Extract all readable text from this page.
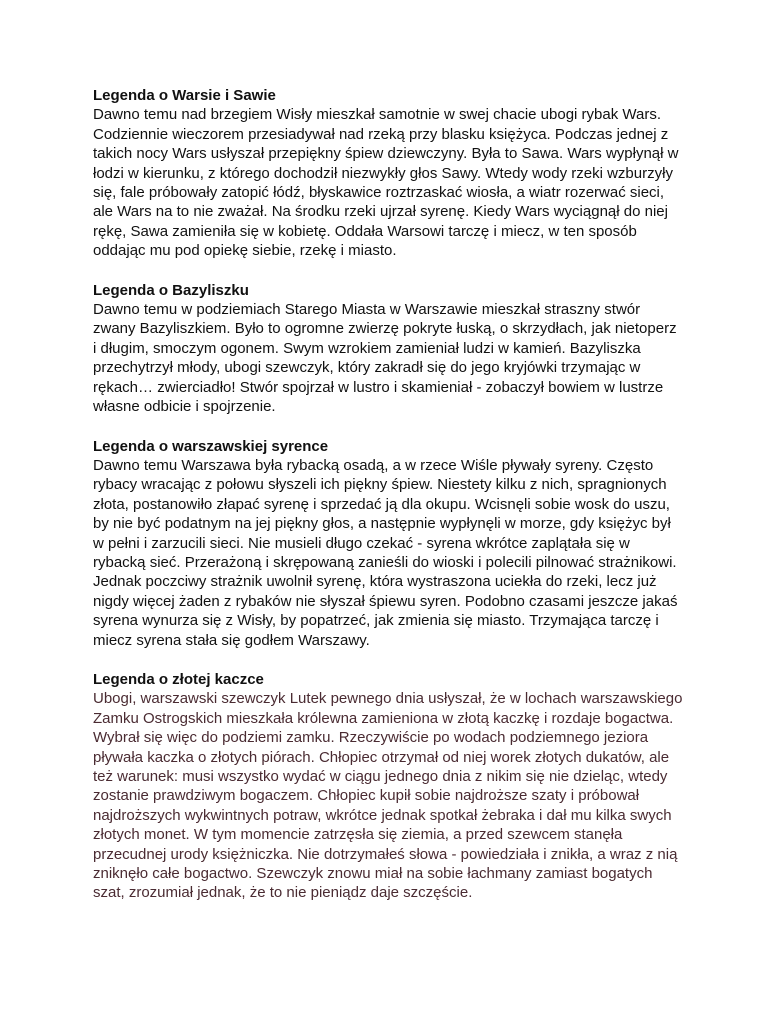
Legenda o Warsie i Sawie

Dawno temu nad brzegiem Wisły mieszkał samotnie w swej chacie ubogi rybak Wars. Codziennie wieczorem przesiadywał nad rzeką przy blasku księżyca. Podczas jednej z takich nocy Wars usłyszał przepiękny śpiew dziewczyny. Była to Sawa. Wars wypłynął w łodzi w kierunku, z którego dochodził niezwykły głos Sawy. Wtedy wody rzeki wzburzyły się, fale próbowały zatopić łódź, błyskawice roztrzaskać wiosła, a wiatr rozerwać sieci, ale Wars na to nie zważał. Na środku rzeki ujrzał syrenę. Kiedy Wars wyciągnął do niej rękę, Sawa zamieniła się w kobietę. Oddała Warsowi tarczę i miecz, w ten sposób oddając mu pod opiekę siebie, rzekę i miasto.

Legenda o Bazyliszku

Dawno temu w podziemiach Starego Miasta w Warszawie mieszkał straszny stwór zwany Bazyliszkiem. Było to ogromne zwierzę pokryte łuską, o skrzydłach, jak nietoperz i długim, smoczym ogonem. Swym wzrokiem zamieniał ludzi w kamień. Bazyliszka przechytrzył młody, ubogi szewczyk, który zakradł się do jego kryjówki trzymając w rękach… zwierciadło! Stwór spojrzał w lustro i skamieniał - zobaczył bowiem w lustrze własne odbicie i spojrzenie.

Legenda o warszawskiej syrence

Dawno temu Warszawa była rybacką osadą, a w rzece Wiśle pływały syreny. Często rybacy wracając z połowu słyszeli ich piękny śpiew. Niestety kilku z nich, spragnionych złota, postanowiło złapać syrenę i sprzedać ją dla okupu. Wcisnęli sobie wosk do uszu, by nie być podatnym na jej piękny głos, a następnie wypłynęli w morze, gdy księżyc był w pełni i zarzucili sieci. Nie musieli długo czekać - syrena wkrótce zaplątała się w rybacką sieć. Przerażoną i skrępowaną zanieśli do wioski i polecili pilnować strażnikowi. Jednak poczciwy strażnik uwolnił syrenę, która wystraszona uciekła do rzeki, lecz już nigdy więcej żaden z rybaków nie słyszał śpiewu syren. Podobno czasami jeszcze jakaś syrena wynurza się z Wisły, by popatrzeć, jak zmienia się miasto. Trzymająca tarczę i miecz syrena stała się godłem Warszawy.

Legenda o złotej kaczce

Ubogi, warszawski szewczyk Lutek pewnego dnia usłyszał, że w lochach warszawskiego Zamku Ostrogskich mieszkała królewna zamieniona w złotą kaczkę i rozdaje bogactwa. Wybrał się więc do podziemi zamku. Rzeczywiście po wodach podziemnego jeziora pływała kaczka o złotych piórach. Chłopiec otrzymał od niej worek złotych dukatów, ale też warunek: musi wszystko wydać w ciągu jednego dnia z nikim się nie dzieląc, wtedy zostanie prawdziwym bogaczem. Chłopiec kupił sobie najdroższe szaty i próbował najdroższych wykwintnych potraw, wkrótce jednak spotkał żebraka i dał mu kilka swych złotych monet. W tym momencie zatrzęsła się ziemia, a przed szewcem stanęła przecudnej urody księżniczka. Nie dotrzymałeś słowa - powiedziała i znikła, a wraz z nią zniknęło całe bogactwo. Szewczyk znowu miał na sobie łachmany zamiast bogatych szat, zrozumiał jednak, że to nie pieniądz daje szczęście.
